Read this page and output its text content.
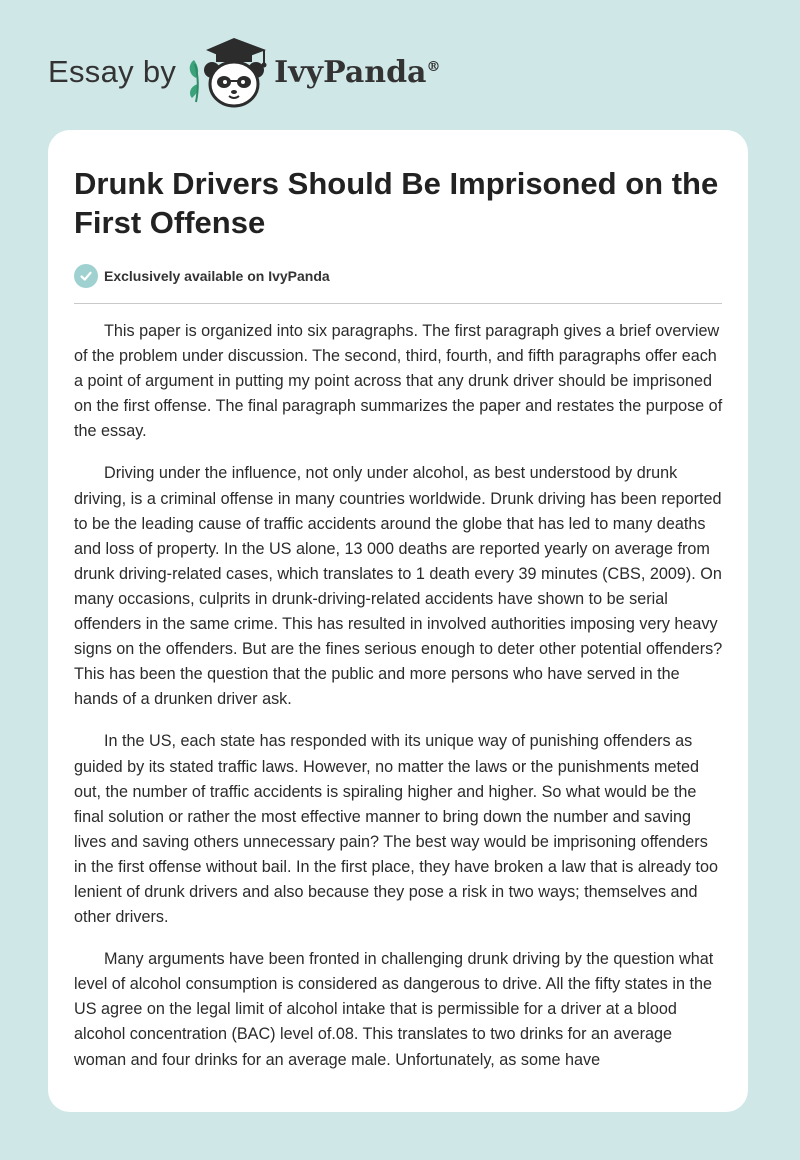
Essay by	IvyPanda®
Drunk Drivers Should Be Imprisoned on the First Offense
Exclusively available on IvyPanda

This paper is organized into six paragraphs. The first paragraph gives a brief overview of the problem under discussion. The second, third, fourth, and fifth paragraphs offer each a point of argument in putting my point across that any drunk driver should be imprisoned on the first offense. The final paragraph summarizes the paper and restates the purpose of the essay.

Driving under the influence, not only under alcohol, as best understood by drunk driving, is a criminal offense in many countries worldwide. Drunk driving has been reported to be the leading cause of traffic accidents around the globe that has led to many deaths and loss of property. In the US alone, 13 000 deaths are reported yearly on average from drunk driving-related cases, which translates to 1 death every 39 minutes (CBS, 2009). On many occasions, culprits in drunk-driving-related accidents have shown to be serial offenders in the same crime. This has resulted in involved authorities imposing very heavy signs on the offenders. But are the fines serious enough to deter other potential offenders? This has been the question that the public and more persons who have served in the hands of a drunken driver ask.

In the US, each state has responded with its unique way of punishing offenders as guided by its stated traffic laws. However, no matter the laws or the punishments meted out, the number of traffic accidents is spiraling higher and higher. So what would be the final solution or rather the most effective manner to bring down the number and saving lives and saving others unnecessary pain? The best way would be imprisoning offenders in the first offense without bail. In the first place, they have broken a law that is already too lenient of drunk drivers and also because they pose a risk in two ways; themselves and other drivers.

Many arguments have been fronted in challenging drunk driving by the question what level of alcohol consumption is considered as dangerous to drive. All the fifty states in the US agree on the legal limit of alcohol intake that is permissible for a driver at a blood alcohol concentration (BAC) level of.08. This translates to two drinks for an average woman and four drinks for an average male. Unfortunately, as some have
